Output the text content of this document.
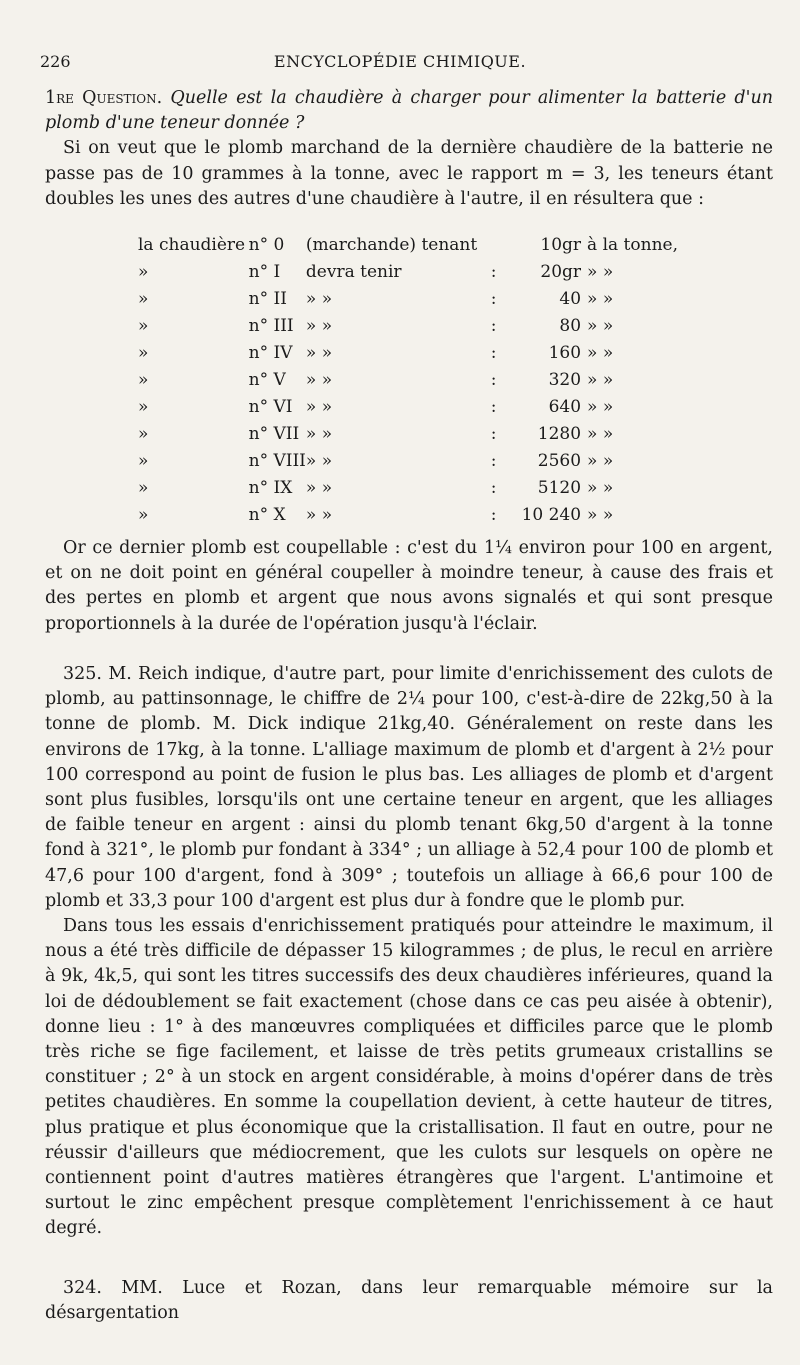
226	ENCYCLOPÉDIE CHIMIQUE.

1re Question. Quelle est la chaudière à charger pour alimenter la batterie d'un plomb d'une teneur donnée ?

Si on veut que le plomb marchand de la dernière chaudière de la batterie ne passe pas de 10 grammes à la tonne, avec le rapport m = 3, les teneurs étant doubles les unes des autres d'une chaudière à l'autre, il en résultera que :

la chaudière	n° 0	(marchande) tenant		10gr	à la tonne,
»	n° I	devra tenir	:	20gr	» »
»	n° II	» »	:	40	» »
»	n° III	» »	:	80	» »
»	n° IV	» »	:	160	» »
»	n° V	» »	:	320	» »
»	n° VI	» »	:	640	» »
»	n° VII	» »	:	1280	» »
»	n° VIII	» »	:	2560	» »
»	n° IX	» »	:	5120	» »
»	n° X	» »	:	10 240	» »

Or ce dernier plomb est coupellable : c'est du 1¼ environ pour 100 en argent, et on ne doit point en général coupeller à moindre teneur, à cause des frais et des pertes en plomb et argent que nous avons signalés et qui sont presque proportionnels à la durée de l'opération jusqu'à l'éclair.

325. M. Reich indique, d'autre part, pour limite d'enrichissement des culots de plomb, au pattinsonnage, le chiffre de 2¼ pour 100, c'est-à-dire de 22kg,50 à la tonne de plomb. M. Dick indique 21kg,40. Généralement on reste dans les environs de 17kg, à la tonne. L'alliage maximum de plomb et d'argent à 2½ pour 100 correspond au point de fusion le plus bas. Les alliages de plomb et d'argent sont plus fusibles, lorsqu'ils ont une certaine teneur en argent, que les alliages de faible teneur en argent : ainsi du plomb tenant 6kg,50 d'argent à la tonne fond à 321°, le plomb pur fondant à 334° ; un alliage à 52,4 pour 100 de plomb et 47,6 pour 100 d'argent, fond à 309° ; toutefois un alliage à 66,6 pour 100 de plomb et 33,3 pour 100 d'argent est plus dur à fondre que le plomb pur.

Dans tous les essais d'enrichissement pratiqués pour atteindre le maximum, il nous a été très difficile de dépasser 15 kilogrammes ; de plus, le recul en arrière à 9k, 4k,5, qui sont les titres successifs des deux chaudières inférieures, quand la loi de dédoublement se fait exactement (chose dans ce cas peu aisée à obtenir), donne lieu : 1° à des manœuvres compliquées et difficiles parce que le plomb très riche se fige facilement, et laisse de très petits grumeaux cristallins se constituer ; 2° à un stock en argent considérable, à moins d'opérer dans de très petites chaudières. En somme la coupellation devient, à cette hauteur de titres, plus pratique et plus économique que la cristallisation. Il faut en outre, pour ne réussir d'ailleurs que médiocrement, que les culots sur lesquels on opère ne contiennent point d'autres matières étrangères que l'argent. L'antimoine et surtout le zinc empêchent presque complètement l'enrichissement à ce haut degré.

324. MM. Luce et Rozan, dans leur remarquable mémoire sur la désargentation
